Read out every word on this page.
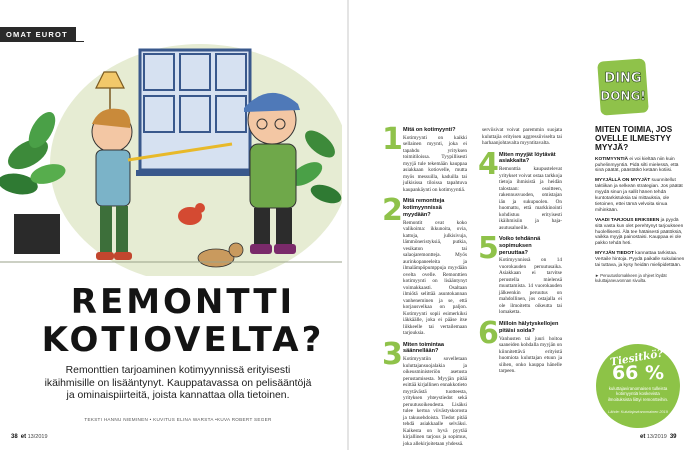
OMAT EUROT
REMONTTI
KOTIOVELTA?
Remonttien tarjoaminen kotimyynnissä erityisesti ikäihmisille on lisääntynyt. Kauppatavassa on pelisääntöjä ja ominaispiirteitä, joista kannattaa olla tietoinen.
TEKSTI HANNU NIEMINEN • KUVITUS ELINA WARSTA •KUVA ROBERT SEGER
38 et 13/2019
1 Mitä on kotimyynti?

Kotimyynti on kaikki sellainen myynti, joka ei tapahdu yrityksen toimitiloissa. Tyypillisesti myyjä tule tekemään kauppaa asiakkaan kotiovelle, mutta myös messuilla, kaduilla tai julkisissa tiloissa tapahtuva kaupankäynti on kotimyyntiä.

2 Mitä remontteja kotimyynnissä myydään?

Remontit ovat koko valikoima: ikkunoita, ovia, kattoja, julkisivuja, lämmöneristyksiä, putkia, vesikaton tai salaojaremontteja. Myös aurinkopaneeleita ja ilmalämpöpumppuja myydään ovelta ovelle. Remonttien kotimyynti on lisääntynyt voimakkaasti. Osaltaan ilmiötä selittää asuntokannan vanheneminen ja se, että korjausvelkaa on paljon. Kotimyynti sopii esimerkiksi iäkkäälle, joka ei pääse itse liikkeelle tai vertailemaan tarjouksia.

3 Miten toimintaa säännellään?

Kotimyyntiin sovelletaan kuluttajansuojalakia ja oikeusministeriön asetusta perustamisesta. Myyjän pitää esittää kirjallinen ennakkotieto myytävästä tuotteesta, yrityksen yhteystiedot sekä peruutusoikeudesta. Lisäksi tulee kertoa viivästyskorosta ja takuuehdoista. Tiedot pitää tehdä asiakkaalle selväksi. Kaikesta on hyvä pyytää kirjallinen tarjous ja sopimus, joka allekirjoitetaan yhdessä.

serviisivat voivat paremmin suojata kuluttajia erityisen aggressiiviselta tai harhaanjohtavalta myyntitavalta.

4 Miten myyjät löytävät asiakkaita?

Remonttia kaupustelevat yritykset voivat ostaa tarkkoja tietoja ihmisistä ja heidän talostaan: osoitteen, rakennusvuoden, omistajan iän ja sukupuolen. On huomattu, että markkinointi kohdistuu erityisesti ikäihmisiin ja haja-asutusalueille.

5 Voiko tehdännä sopimuksen peruuttaa?

Kotimyynnissä on 14 vuorokauden peruutusaika. Asiakkaan ei tarvitse perustella mielensä muuttamista. 14 vuorokauden jälkeenkin peruutus on mahdollinen, jos ostajalla ei ole ilmoitettu oikeutta tai lomaketta.

6 Milloin hälytyskellojen pitäisi soida?

Vanhusten tai juuri hoitoa saaneiden kohdalla myyjän on kiinnitettävä erityistä huomiota kuluttajan etuun ja siihen, onko kauppa hänelle tarpeen.

DING
DONG!
MITEN TOIMIA, JOS OVELLE ILMESTYY MYYJÄ?
KOTIMYYNTIÄ ei voi kieltää niin kuin puhelinmyyntiä. Pidä silti mielessä, että sinä päätät, päästätkö ketään kotiisi.
MYYJÄLLÄ ON MYYJÄT suunnitellut taktiikan ja selkeän strategian. Jos päätät myydä sinun ja sallit hänen tehdä kuntotarkistuksia tai mittauksia, ole tietoinen, ettei tämä velvoita sinua mihinkään.
VAADI TARJOUS ERIKSEEN ja pyydä sitä vasta kun olet perehtynyt tarjoukseen huolellisesti. Älä tee hätäisesti päätöksiä, vaikka myyjä painostaisi. Kauppaa ei ole pakko tehdä heti.
MYYJÄN TIEDOT kannattaa tarkistaa. Vertaile hintoja. Pyydä paikalle sukulainen tai tuttava, ja kysy heidän mielipidettään.
► Peruutuslomakkeen ja ohjeet löydät kuluttajaneuvonnan sivuilta.
Tiesitkö?
66 %
kuluttajaviranomaisen tulleista kotimyyntiä koskevista ilmoituksista liittyi remontteihin.
Lähde: Kuluttajaviranomainen 2019
et 13/2019 39
